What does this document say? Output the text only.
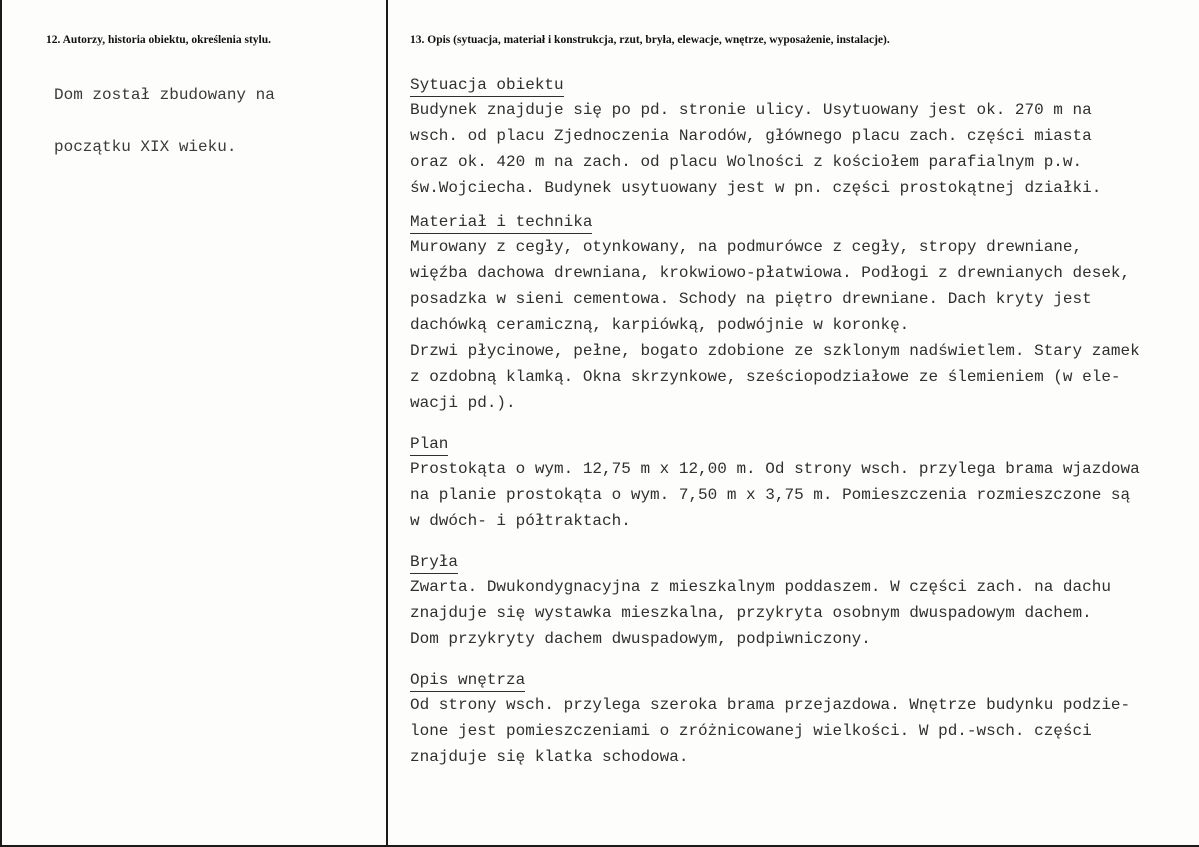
12. Autorzy, historia obiektu, określenia stylu.

Dom został zbudowany na

początku XIX wieku.

13. Opis (sytuacja, materiał i konstrukcja, rzut, bryła, elewacje, wnętrze, wyposażenie, instalacje).
Sytuacja obiektu
Budynek znajduje się po pd. stronie ulicy. Usytuowany jest ok. 270 m na
wsch. od placu Zjednoczenia Narodów, głównego placu zach. części miasta
oraz ok. 420 m na zach. od placu Wolności z kościołem parafialnym p.w.
św.Wojciecha. Budynek usytuowany jest w pn. części prostokątnej działki.
Materiał i technika
Murowany z cegły, otynkowany, na podmurówce z cegły, stropy drewniane,
więźba dachowa drewniana, krokwiowo-płatwiowa. Podłogi z drewnianych desek,
posadzka w sieni cementowa. Schody na piętro drewniane. Dach kryty jest
dachówką ceramiczną, karpiówką, podwójnie w koronkę.
Drzwi płycinowe, pełne, bogato zdobione ze szklonym nadświetlem. Stary zamek
z ozdobną klamką. Okna skrzynkowe, sześciopodziałowe ze ślemieniem (w ele-
wacji pd.).
Plan
Prostokąta o wym. 12,75 m x 12,00 m. Od strony wsch. przylega brama wjazdowa
na planie prostokąta o wym. 7,50 m x 3,75 m. Pomieszczenia rozmieszczone są
w dwóch- i półtraktach.
Bryła
Zwarta. Dwukondygnacyjna z mieszkalnym poddaszem. W części zach. na dachu
znajduje się wystawka mieszkalna, przykryta osobnym dwuspadowym dachem.
Dom przykryty dachem dwuspadowym, podpiwniczony.
Opis wnętrza
Od strony wsch. przylega szeroka brama przejazdowa. Wnętrze budynku podzie-
lone jest pomieszczeniami o zróżnicowanej wielkości. W pd.-wsch. części
znajduje się klatka schodowa.
